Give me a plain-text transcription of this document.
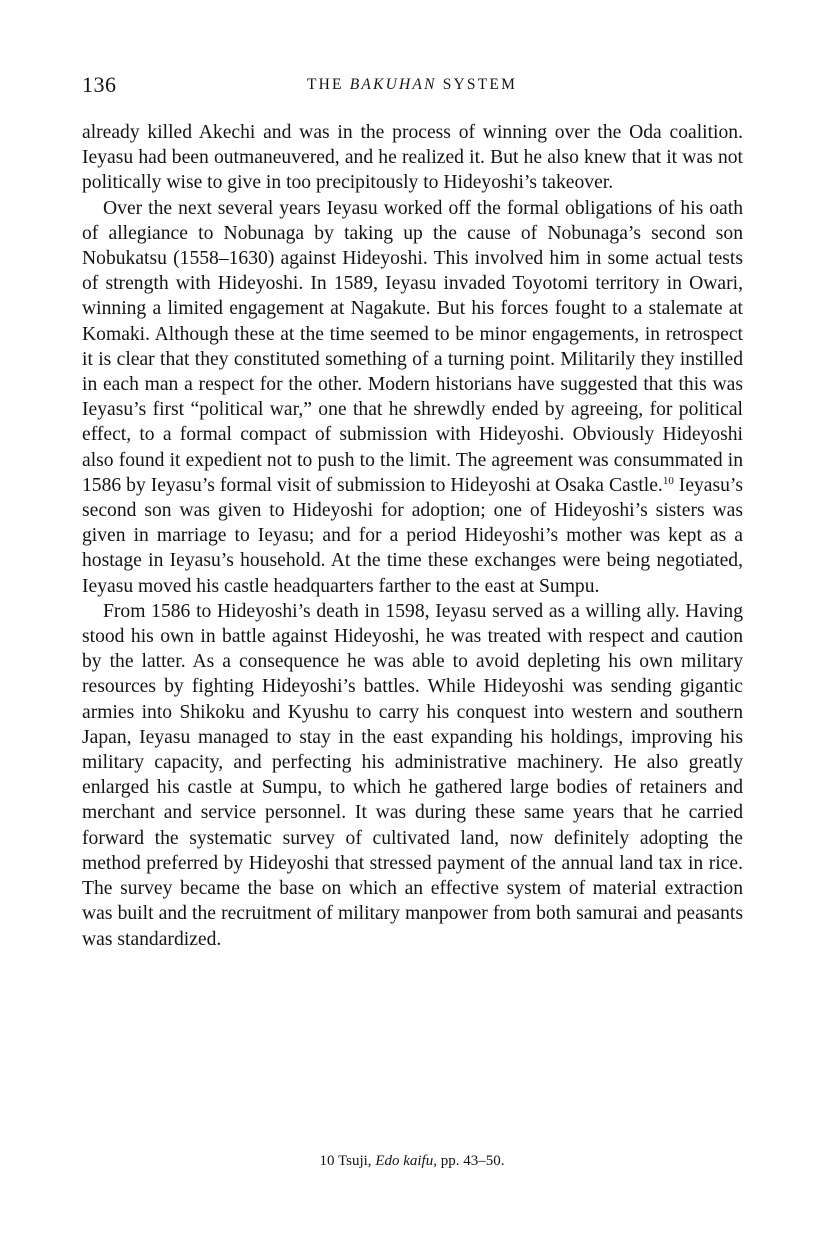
136	THE BAKUHAN SYSTEM

already killed Akechi and was in the process of winning over the Oda coalition. Ieyasu had been outmaneuvered, and he realized it. But he also knew that it was not politically wise to give in too precipitously to Hideyoshi’s takeover.

Over the next several years Ieyasu worked off the formal obligations of his oath of allegiance to Nobunaga by taking up the cause of Nobunaga’s second son Nobukatsu (1558–1630) against Hideyoshi. This involved him in some actual tests of strength with Hideyoshi. In 1589, Ieyasu invaded Toyotomi territory in Owari, winning a limited engagement at Nagakute. But his forces fought to a stalemate at Komaki. Although these at the time seemed to be minor engagements, in retrospect it is clear that they constituted something of a turning point. Militarily they instilled in each man a respect for the other. Modern historians have suggested that this was Ieyasu’s first “political war,” one that he shrewdly ended by agreeing, for political effect, to a formal compact of submission with Hideyoshi. Obviously Hideyoshi also found it expedient not to push to the limit. The agreement was consummated in 1586 by Ieyasu’s formal visit of submission to Hideyoshi at Osaka Castle.$^{10}$ Ieyasu’s second son was given to Hideyoshi for adoption; one of Hideyoshi’s sisters was given in marriage to Ieyasu; and for a period Hideyoshi’s mother was kept as a hostage in Ieyasu’s household. At the time these exchanges were being negotiated, Ieyasu moved his castle headquarters farther to the east at Sumpu.

From 1586 to Hideyoshi’s death in 1598, Ieyasu served as a willing ally. Having stood his own in battle against Hideyoshi, he was treated with respect and caution by the latter. As a consequence he was able to avoid depleting his own military resources by fighting Hideyoshi’s battles. While Hideyoshi was sending gigantic armies into Shikoku and Kyushu to carry his conquest into western and southern Japan, Ieyasu managed to stay in the east expanding his holdings, improving his military capacity, and perfecting his administrative machinery. He also greatly enlarged his castle at Sumpu, to which he gathered large bodies of retainers and merchant and service personnel. It was during these same years that he carried forward the systematic survey of cultivated land, now definitely adopting the method preferred by Hideyoshi that stressed payment of the annual land tax in rice. The survey became the base on which an effective system of material extraction was built and the recruitment of military manpower from both samurai and peasants was standardized.

10 Tsuji, Edo kaifu, pp. 43–50.
